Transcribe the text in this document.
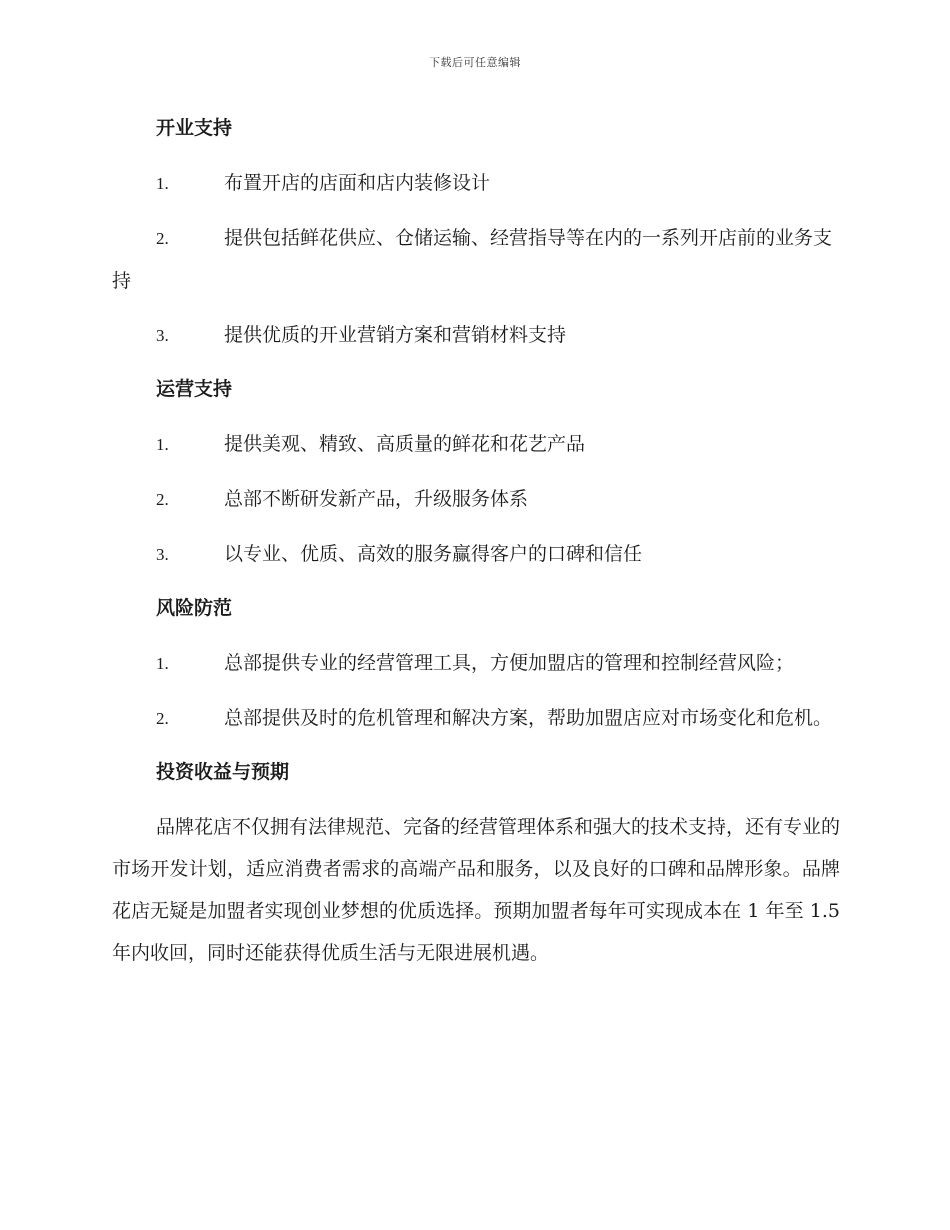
下载后可任意编辑
开业支持

1.	布置开店的店面和店内装修设计

2.	提供包括鲜花供应、仓储运输、经营指导等在内的一系列开店前的业务支持

3.	提供优质的开业营销方案和营销材料支持

运营支持

1.	提供美观、精致、高质量的鲜花和花艺产品

2.	总部不断研发新产品，升级服务体系

3.	以专业、优质、高效的服务赢得客户的口碑和信任

风险防范

1.	总部提供专业的经营管理工具，方便加盟店的管理和控制经营风险；

2.	总部提供及时的危机管理和解决方案，帮助加盟店应对市场变化和危机。

投资收益与预期

品牌花店不仅拥有法律规范、完备的经营管理体系和强大的技术支持，还有专业的市场开发计划，适应消费者需求的高端产品和服务，以及良好的口碑和品牌形象。品牌花店无疑是加盟者实现创业梦想的优质选择。预期加盟者每年可实现成本在 1 年至 1.5 年内收回，同时还能获得优质生活与无限进展机遇。
